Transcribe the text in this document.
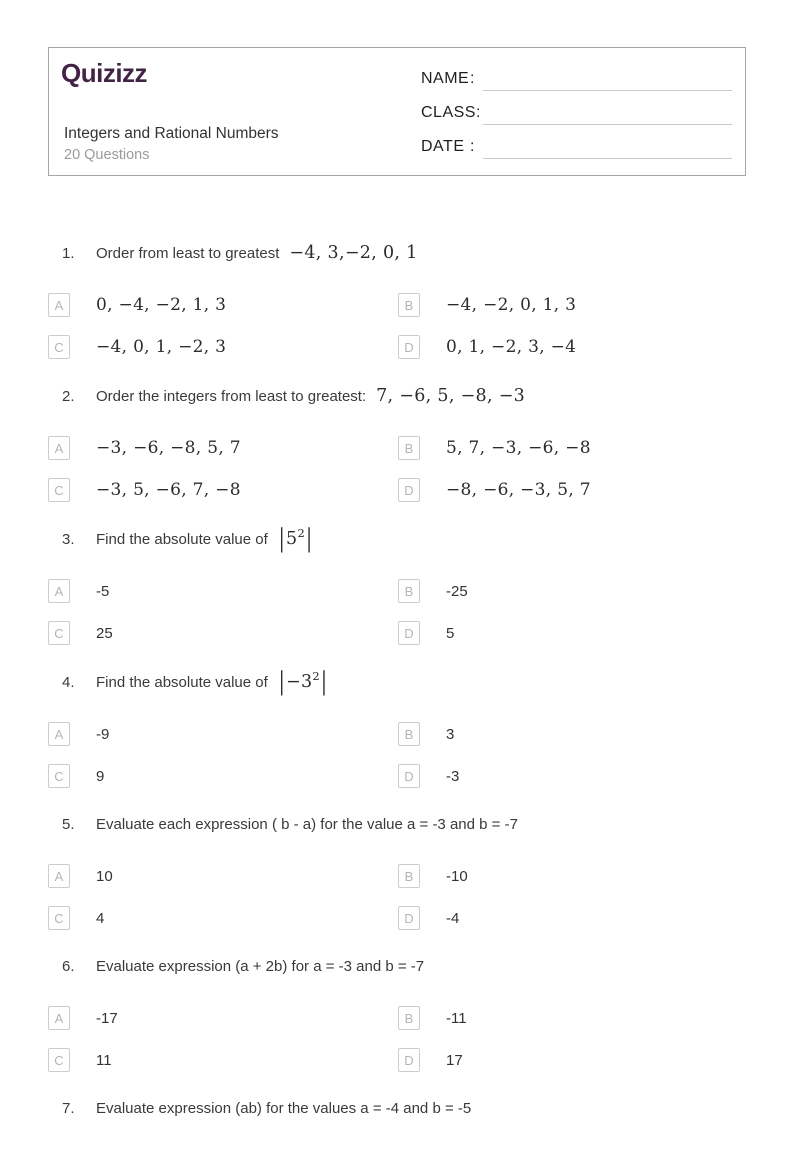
Quizizz
Integers and Rational Numbers
20 Questions
NAME :
CLASS :
DATE :
1.	Order from least to greatest −4, 3,−2, 0, 1
A	0, −4, −2, 1, 3	B	−4, −2, 0, 1, 3
C	−4, 0, 1, −2, 3	D	0, 1, −2, 3, −4
2.	Order the integers from least to greatest: 7, −6, 5, −8, −3
A	−3, −6, −8, 5, 7	B	5, 7, −3, −6, −8
C	−3, 5, −6, 7, −8	D	−8, −6, −3, 5, 7
3.	Find the absolute value of $|5^2|$
A	-5	B	-25
C	25	D	5
4.	Find the absolute value of $|-3^2|$
A	-9	B	3
C	9	D	-3
5.	Evaluate each expression ( b - a) for the value a = -3 and b = -7
A	10	B	-10
C	4	D	-4
6.	Evaluate expression (a + 2b) for a = -3 and b = -7
A	-17	B	-11
C	11	D	17
7.	Evaluate expression (ab) for the values a = -4 and b = -5
